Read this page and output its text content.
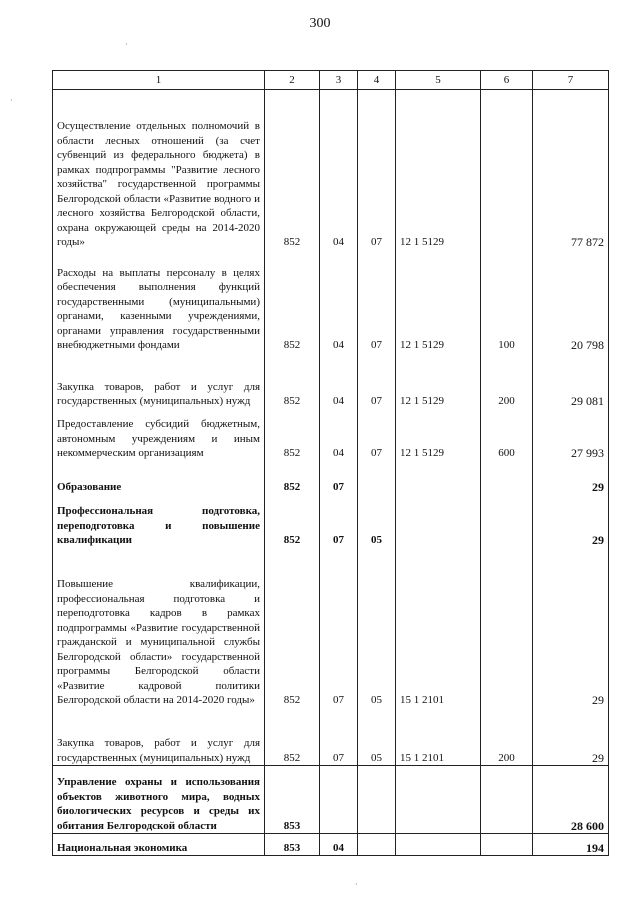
300
1	2	3	4	5	6	7
Осуществление отдельных полномочий в области лесных отношений (за счет субвенций из федерального бюджета) в рамках подпрограммы "Развитие лесного хозяйства" государственной программы Белгородской области «Развитие водного и лесного хозяйства Белгородской области, охрана окружающей среды на 2014-2020 годы»	852	04	07	12 1 5129		77 872
Расходы на выплаты персоналу в целях обеспечения выполнения функций государственными (муниципальными) органами, казенными учреждениями, органами управления государственными внебюджетными фондами	852	04	07	12 1 5129	100	20 798
Закупка товаров, работ и услуг для государственных (муниципальных) нужд	852	04	07	12 1 5129	200	29 081
Предоставление субсидий бюджетным, автономным учреждениям и иным некоммерческим организациям	852	04	07	12 1 5129	600	27 993
Образование	852	07				29
Профессиональная подготовка, переподготовка и повышение квалификации	852	07	05			29
Повышение квалификации, профессиональная подготовка и переподготовка кадров в рамках подпрограммы «Развитие государственной гражданской и муниципальной службы Белгородской области» государственной программы Белгородской области «Развитие кадровой политики Белгородской области на 2014-2020 годы»	852	07	05	15 1 2101		29
Закупка товаров, работ и услуг для государственных (муниципальных) нужд	852	07	05	15 1 2101	200	29
Управление охраны и использования объектов животного мира, водных биологических ресурсов и среды их обитания Белгородской области	853					28 600
Национальная экономика	853	04				194
·
·
·
